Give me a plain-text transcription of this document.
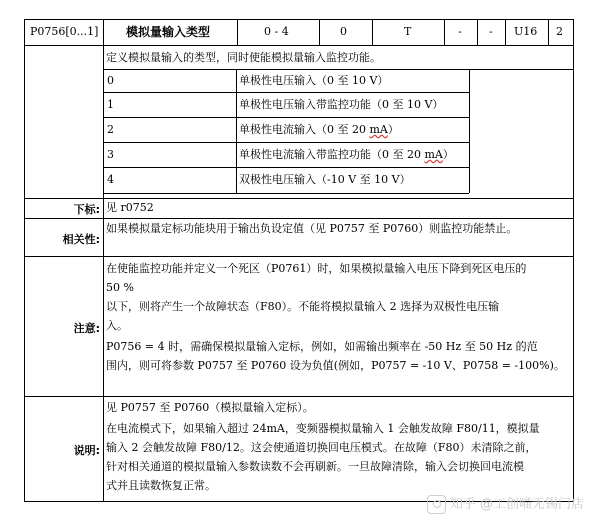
P0756[0...1] 模拟量输入类型	0 - 4	0	T	- - U16 2
定义模拟量输入的类型，同时使能模拟量输入监控功能。
0	单极性电压输入（0 至 10 V）
1	单极性电压输入带监控功能（0 至 10 V）
2	单极性电流输入（0 至 20 mA）
3	单极性电流输入带监控功能（0 至 20 mA）
4	双极性电压输入（-10 V 至 10 V）
下标: 见 r0752
相关性:
如果模拟量定标功能块用于输出负设定值（见 P0757 至 P0760）则监控功能禁止。
注意:
在使能监控功能并定义一个死区（P0761）时，如果模拟量输入电压下降到死区电压的
50 %
以下，则将产生一个故障状态（F80）。不能将模拟量输入 2 选择为双极性电压输
入。
P0756 = 4 时，需确保模拟量输入定标，例如，如需输出频率在 -50 Hz 至 50 Hz 的范
围内，则可将参数 P0757 至 P0760 设为负值(例如，P0757 = -10 V、P0758 = -100%)。
说明:
见 P0757 至 P0760（模拟量输入定标）。
在电流模式下，如果输入超过 24mA，变频器模拟量输入 1 会触发故障 F80/11，模拟量
输入 2 会触发故障 F80/12。这会使通道切换回电压模式。在故障（F80）未清除之前，
针对相关通道的模拟量输入参数读数不会再刷新。一旦故障清除，输入会切换回电流模
式并且读数恢复正常。
知乎 @工创喵无锡门店
